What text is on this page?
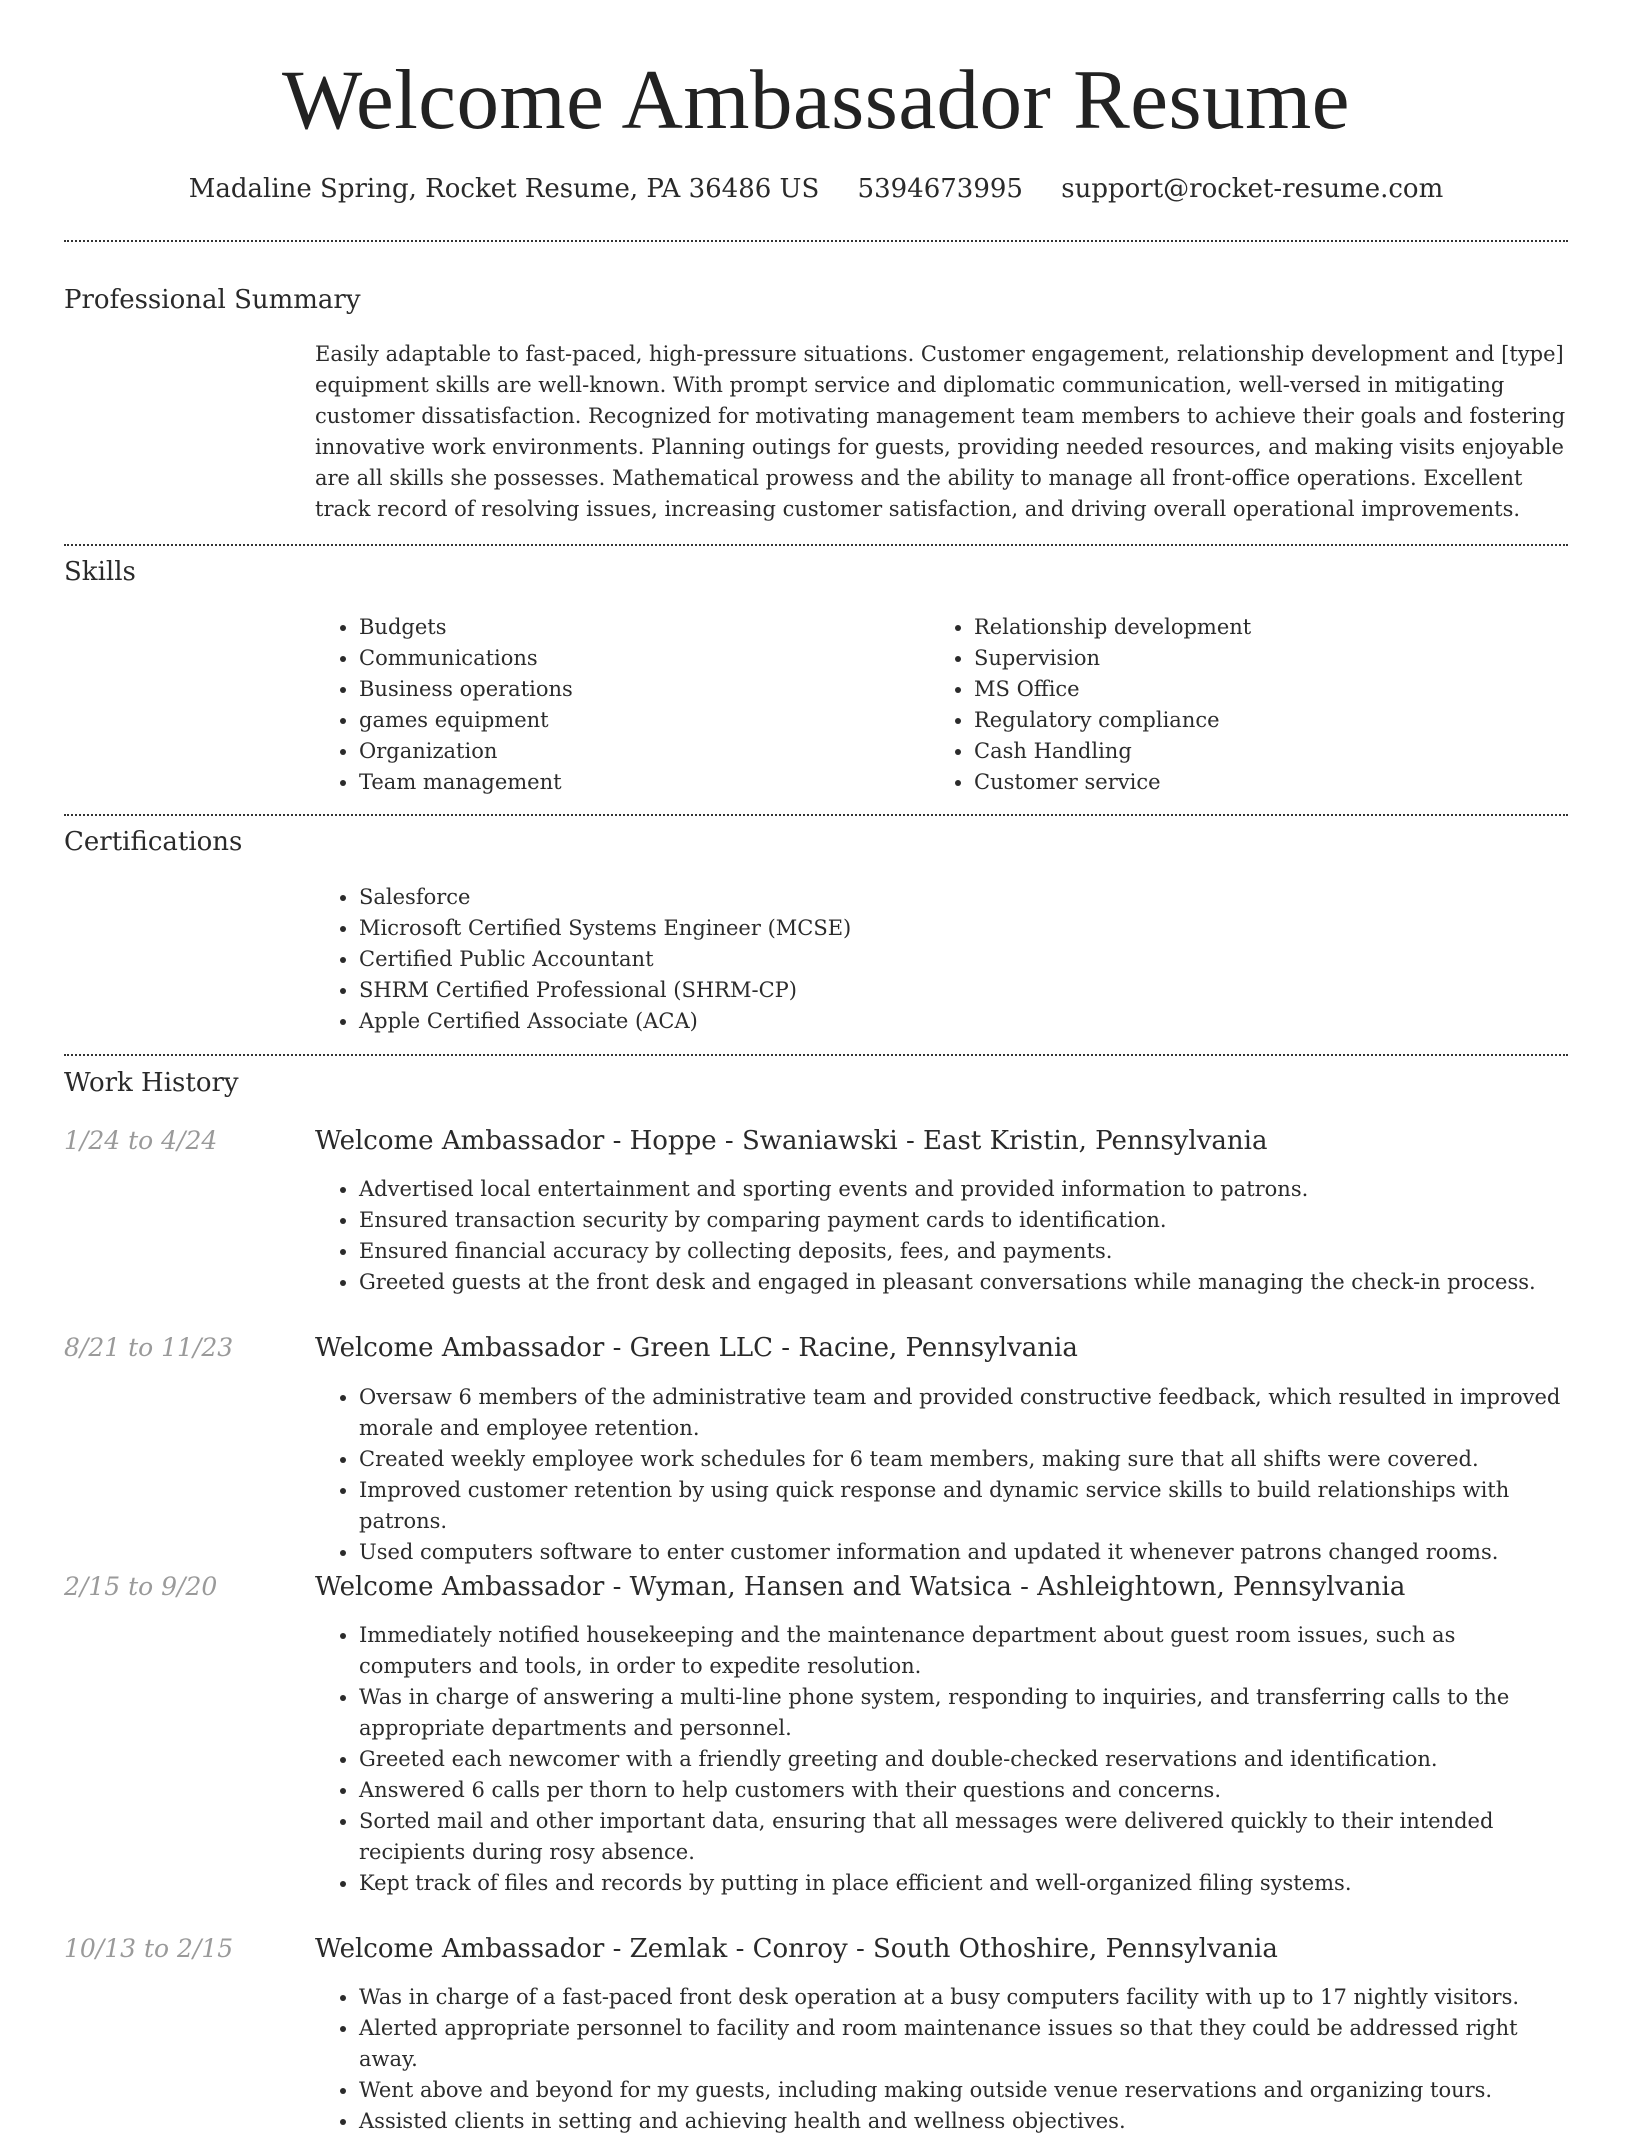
Welcome Ambassador Resume
Madaline Spring, Rocket Resume, PA 36486 US 5394673995 support@rocket-resume.com
Professional Summary

Easily adaptable to fast-paced, high-pressure situations. Customer engagement, relationship development and [type] equipment skills are well-known. With prompt service and diplomatic communication, well-versed in mitigating customer dissatisfaction. Recognized for motivating management team members to achieve their goals and fostering innovative work environments. Planning outings for guests, providing needed resources, and making visits enjoyable are all skills she possesses. Mathematical prowess and the ability to manage all front-office operations. Excellent track record of resolving issues, increasing customer satisfaction, and driving overall operational improvements.

Skills
• Budgets
• Communications
• Business operations
• games equipment
• Organization
• Team management
• Relationship development
• Supervision
• MS Office
• Regulatory compliance
• Cash Handling
• Customer service
Certifications
• Salesforce
• Microsoft Certified Systems Engineer (MCSE)
• Certified Public Accountant
• SHRM Certified Professional (SHRM-CP)
• Apple Certified Associate (ACA)
Work History
1/24 to 4/24	Welcome Ambassador - Hoppe - Swaniawski - East Kristin, Pennsylvania
• Advertised local entertainment and sporting events and provided information to patrons.
• Ensured transaction security by comparing payment cards to identification.
• Ensured financial accuracy by collecting deposits, fees, and payments.
• Greeted guests at the front desk and engaged in pleasant conversations while managing the check-in process.
8/21 to 11/23	Welcome Ambassador - Green LLC - Racine, Pennsylvania
• Oversaw 6 members of the administrative team and provided constructive feedback, which resulted in improved morale and employee retention.
• Created weekly employee work schedules for 6 team members, making sure that all shifts were covered.
• Improved customer retention by using quick response and dynamic service skills to build relationships with patrons.
• Used computers software to enter customer information and updated it whenever patrons changed rooms.
2/15 to 9/20	Welcome Ambassador - Wyman, Hansen and Watsica - Ashleightown, Pennsylvania
• Immediately notified housekeeping and the maintenance department about guest room issues, such as computers and tools, in order to expedite resolution.
• Was in charge of answering a multi-line phone system, responding to inquiries, and transferring calls to the appropriate departments and personnel.
• Greeted each newcomer with a friendly greeting and double-checked reservations and identification.
• Answered 6 calls per thorn to help customers with their questions and concerns.
• Sorted mail and other important data, ensuring that all messages were delivered quickly to their intended recipients during rosy absence.
• Kept track of files and records by putting in place efficient and well-organized filing systems.
10/13 to 2/15	Welcome Ambassador - Zemlak - Conroy - South Othoshire, Pennsylvania
• Was in charge of a fast-paced front desk operation at a busy computers facility with up to 17 nightly visitors.
• Alerted appropriate personnel to facility and room maintenance issues so that they could be addressed right away.
• Went above and beyond for my guests, including making outside venue reservations and organizing tours.
• Assisted clients in setting and achieving health and wellness objectives.
